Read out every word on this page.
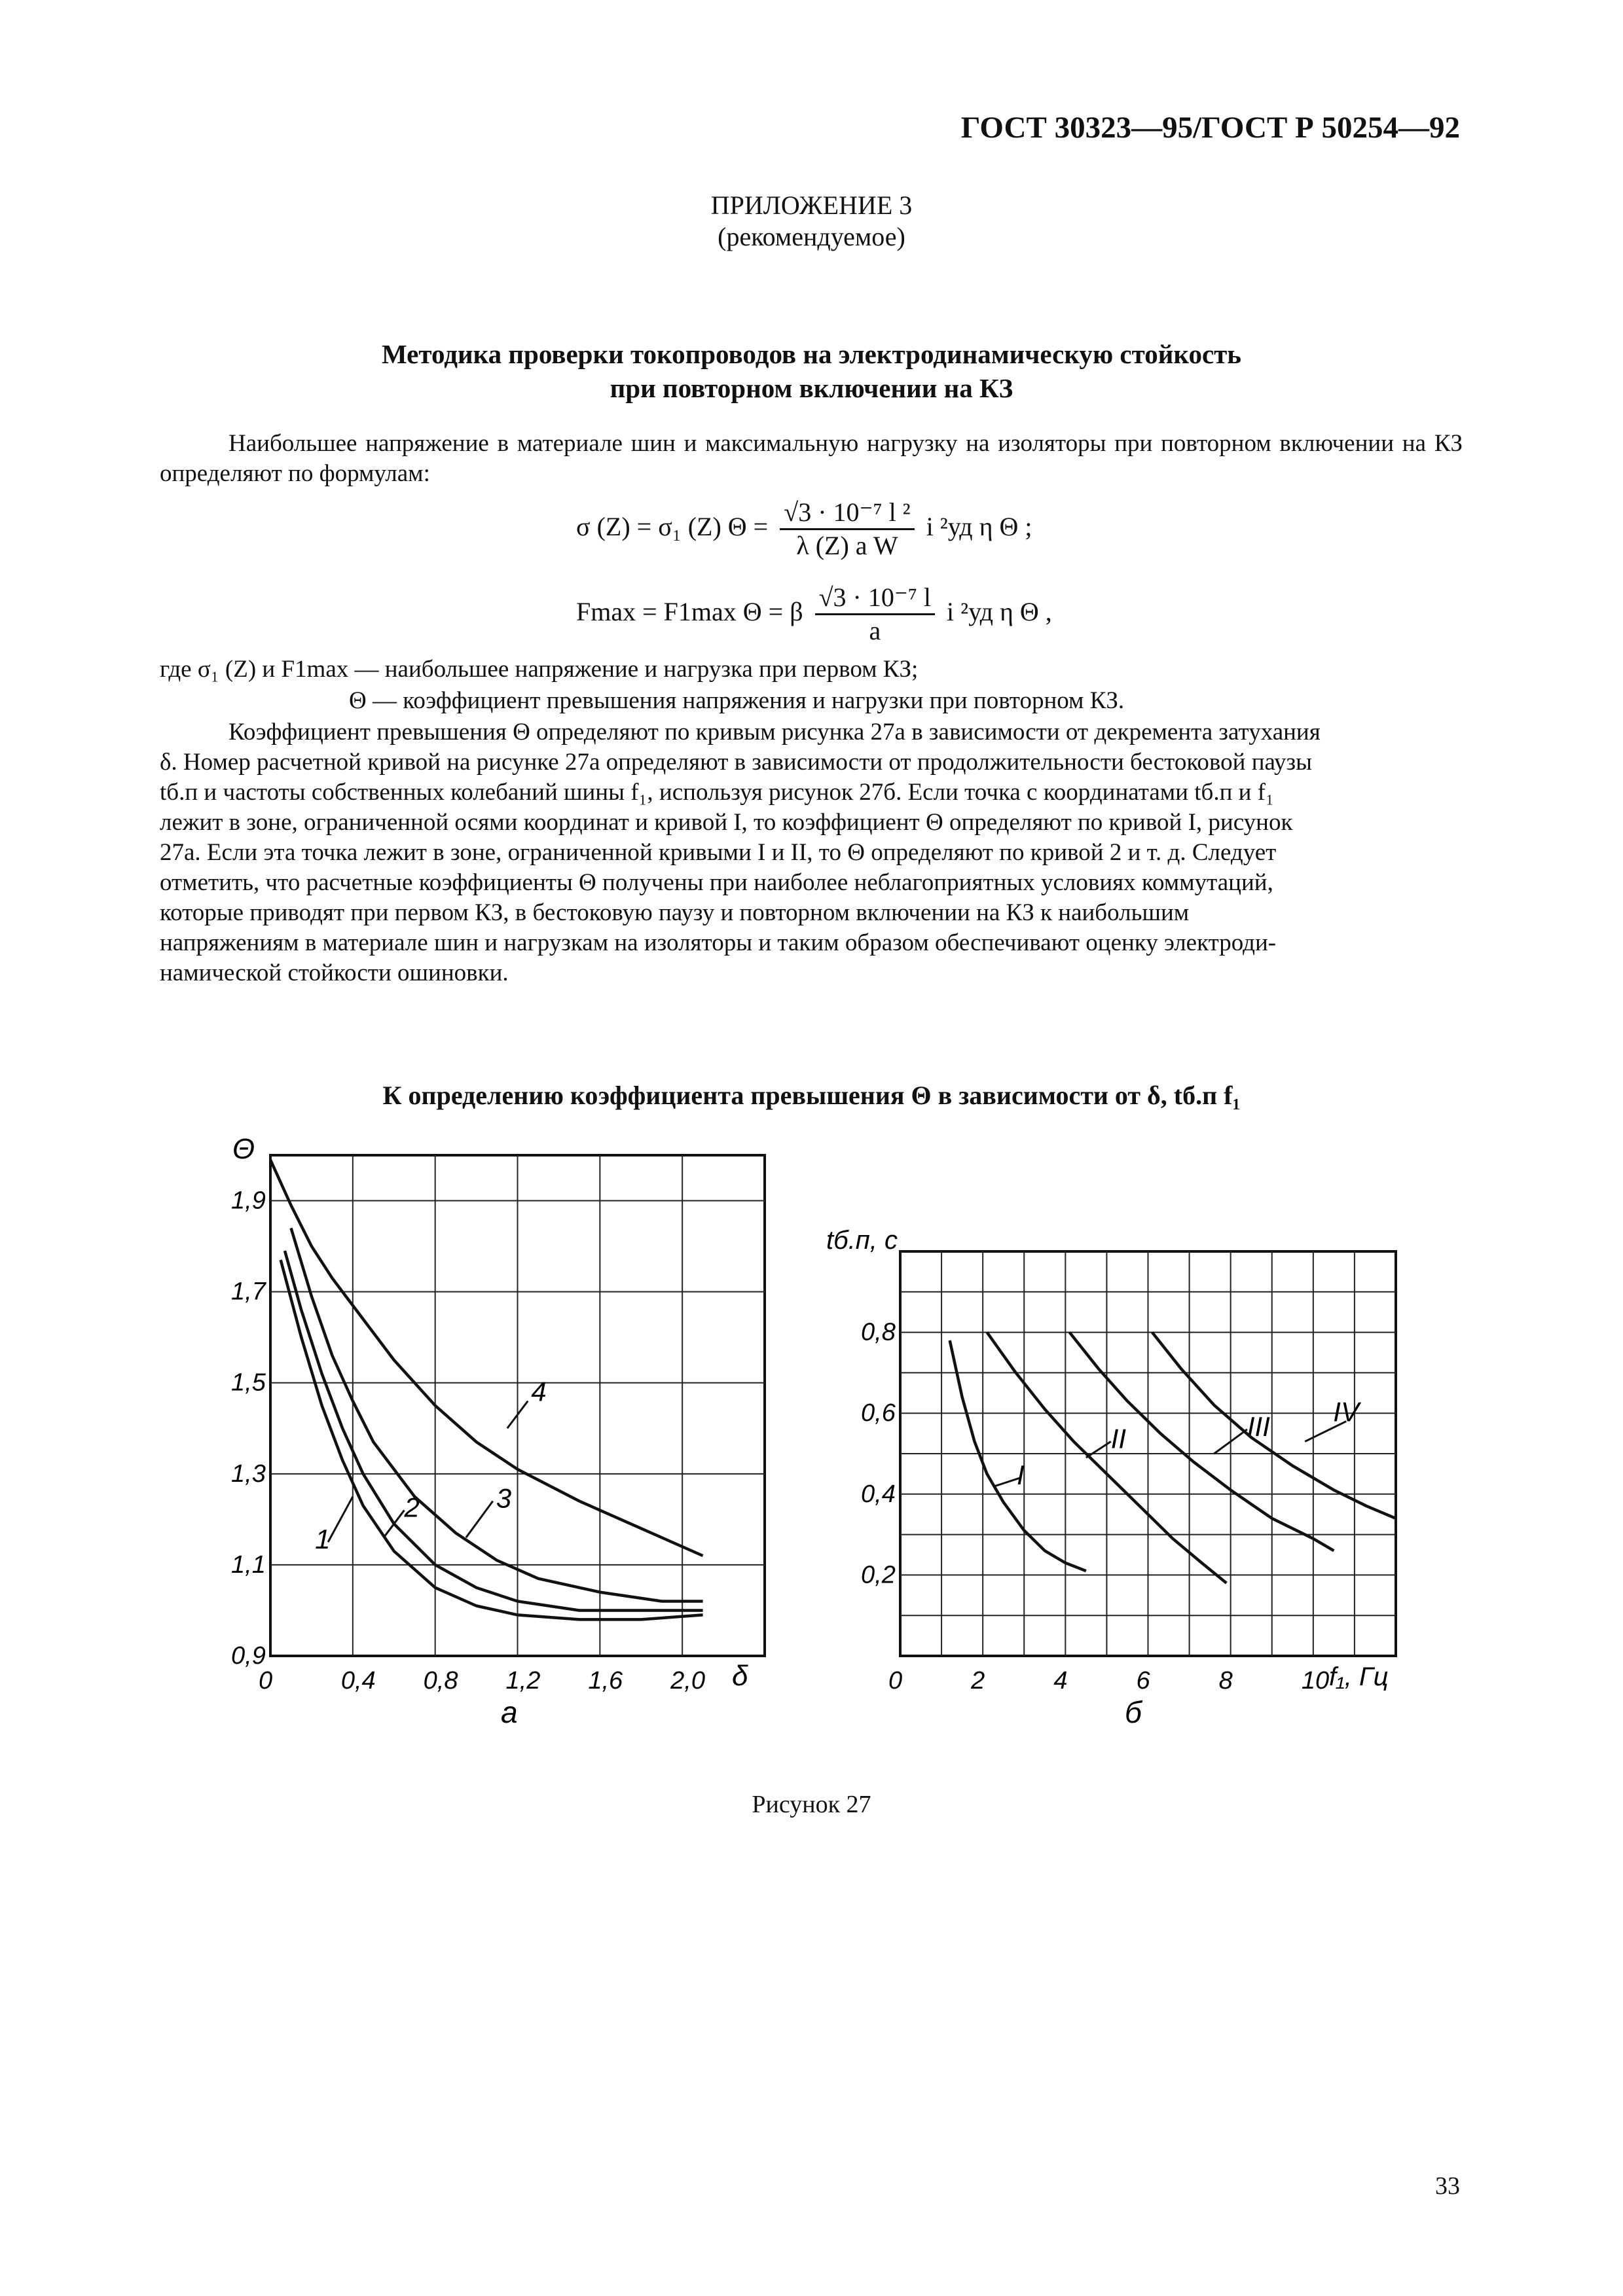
ГОСТ 30323—95/ГОСТ Р 50254—92
ПРИЛОЖЕНИЕ 3
(рекомендуемое)
Методика проверки токопроводов на электродинамическую стойкость
при повторном включении на КЗ
Наибольшее напряжение в материале шин и максимальную нагрузку на изоляторы при повторном включении на КЗ определяют по формулам:
σ (Z) = σ₁ (Z) $\Theta = \frac{\text{√3 · 10⁻⁷ l ²}}{\text{λ (Z) a W}}$ i ²уд η Θ ;
Fmax = F1max Θ = β $\frac{\text{√3 · 10⁻⁷ l}}{a}$ i ²уд η Θ ,
где σ₁ (Z) и F1max — наибольшее напряжение и нагрузка при первом КЗ;
Θ — коэффициент превышения напряжения и нагрузки при повторном КЗ.
Коэффициент превышения Θ определяют по кривым рисунка 27а в зависимости от декремента затухания
δ. Номер расчетной кривой на рисунке 27а определяют в зависимости от продолжительности бестоковой паузы
tб.п и частоты собственных колебаний шины f₁, используя рисунок 27б. Если точка с координатами tб.п и f₁
лежит в зоне, ограниченной осями координат и кривой I, то коэффициент Θ определяют по кривой I, рисунок
27а. Если эта точка лежит в зоне, ограниченной кривыми I и II, то Θ определяют по кривой 2 и т. д. Следует
отметить, что расчетные коэффициенты Θ получены при наиболее неблагоприятных условиях коммутаций,
которые приводят при первом КЗ, в бестоковую паузу и повторном включении на КЗ к наибольшим
напряжениям в материале шин и нагрузкам на изоляторы и таким образом обеспечивают оценку электроди-
намической стойкости ошиновки.
К определению коэффициента превышения Θ в зависимости от δ, tб.п f₁
0	0,4 0,8 1,2 1,6 2,0
0,9
1,1
1,3
1,5
1,7
1,9
1
2	3
4
Θ
δ
а
0	2	4	6	8	10
0,2
0,4
0,6
0,8
I
II	III IV
tб.п, с
f₁, Гц
б
Рисунок 27
33
